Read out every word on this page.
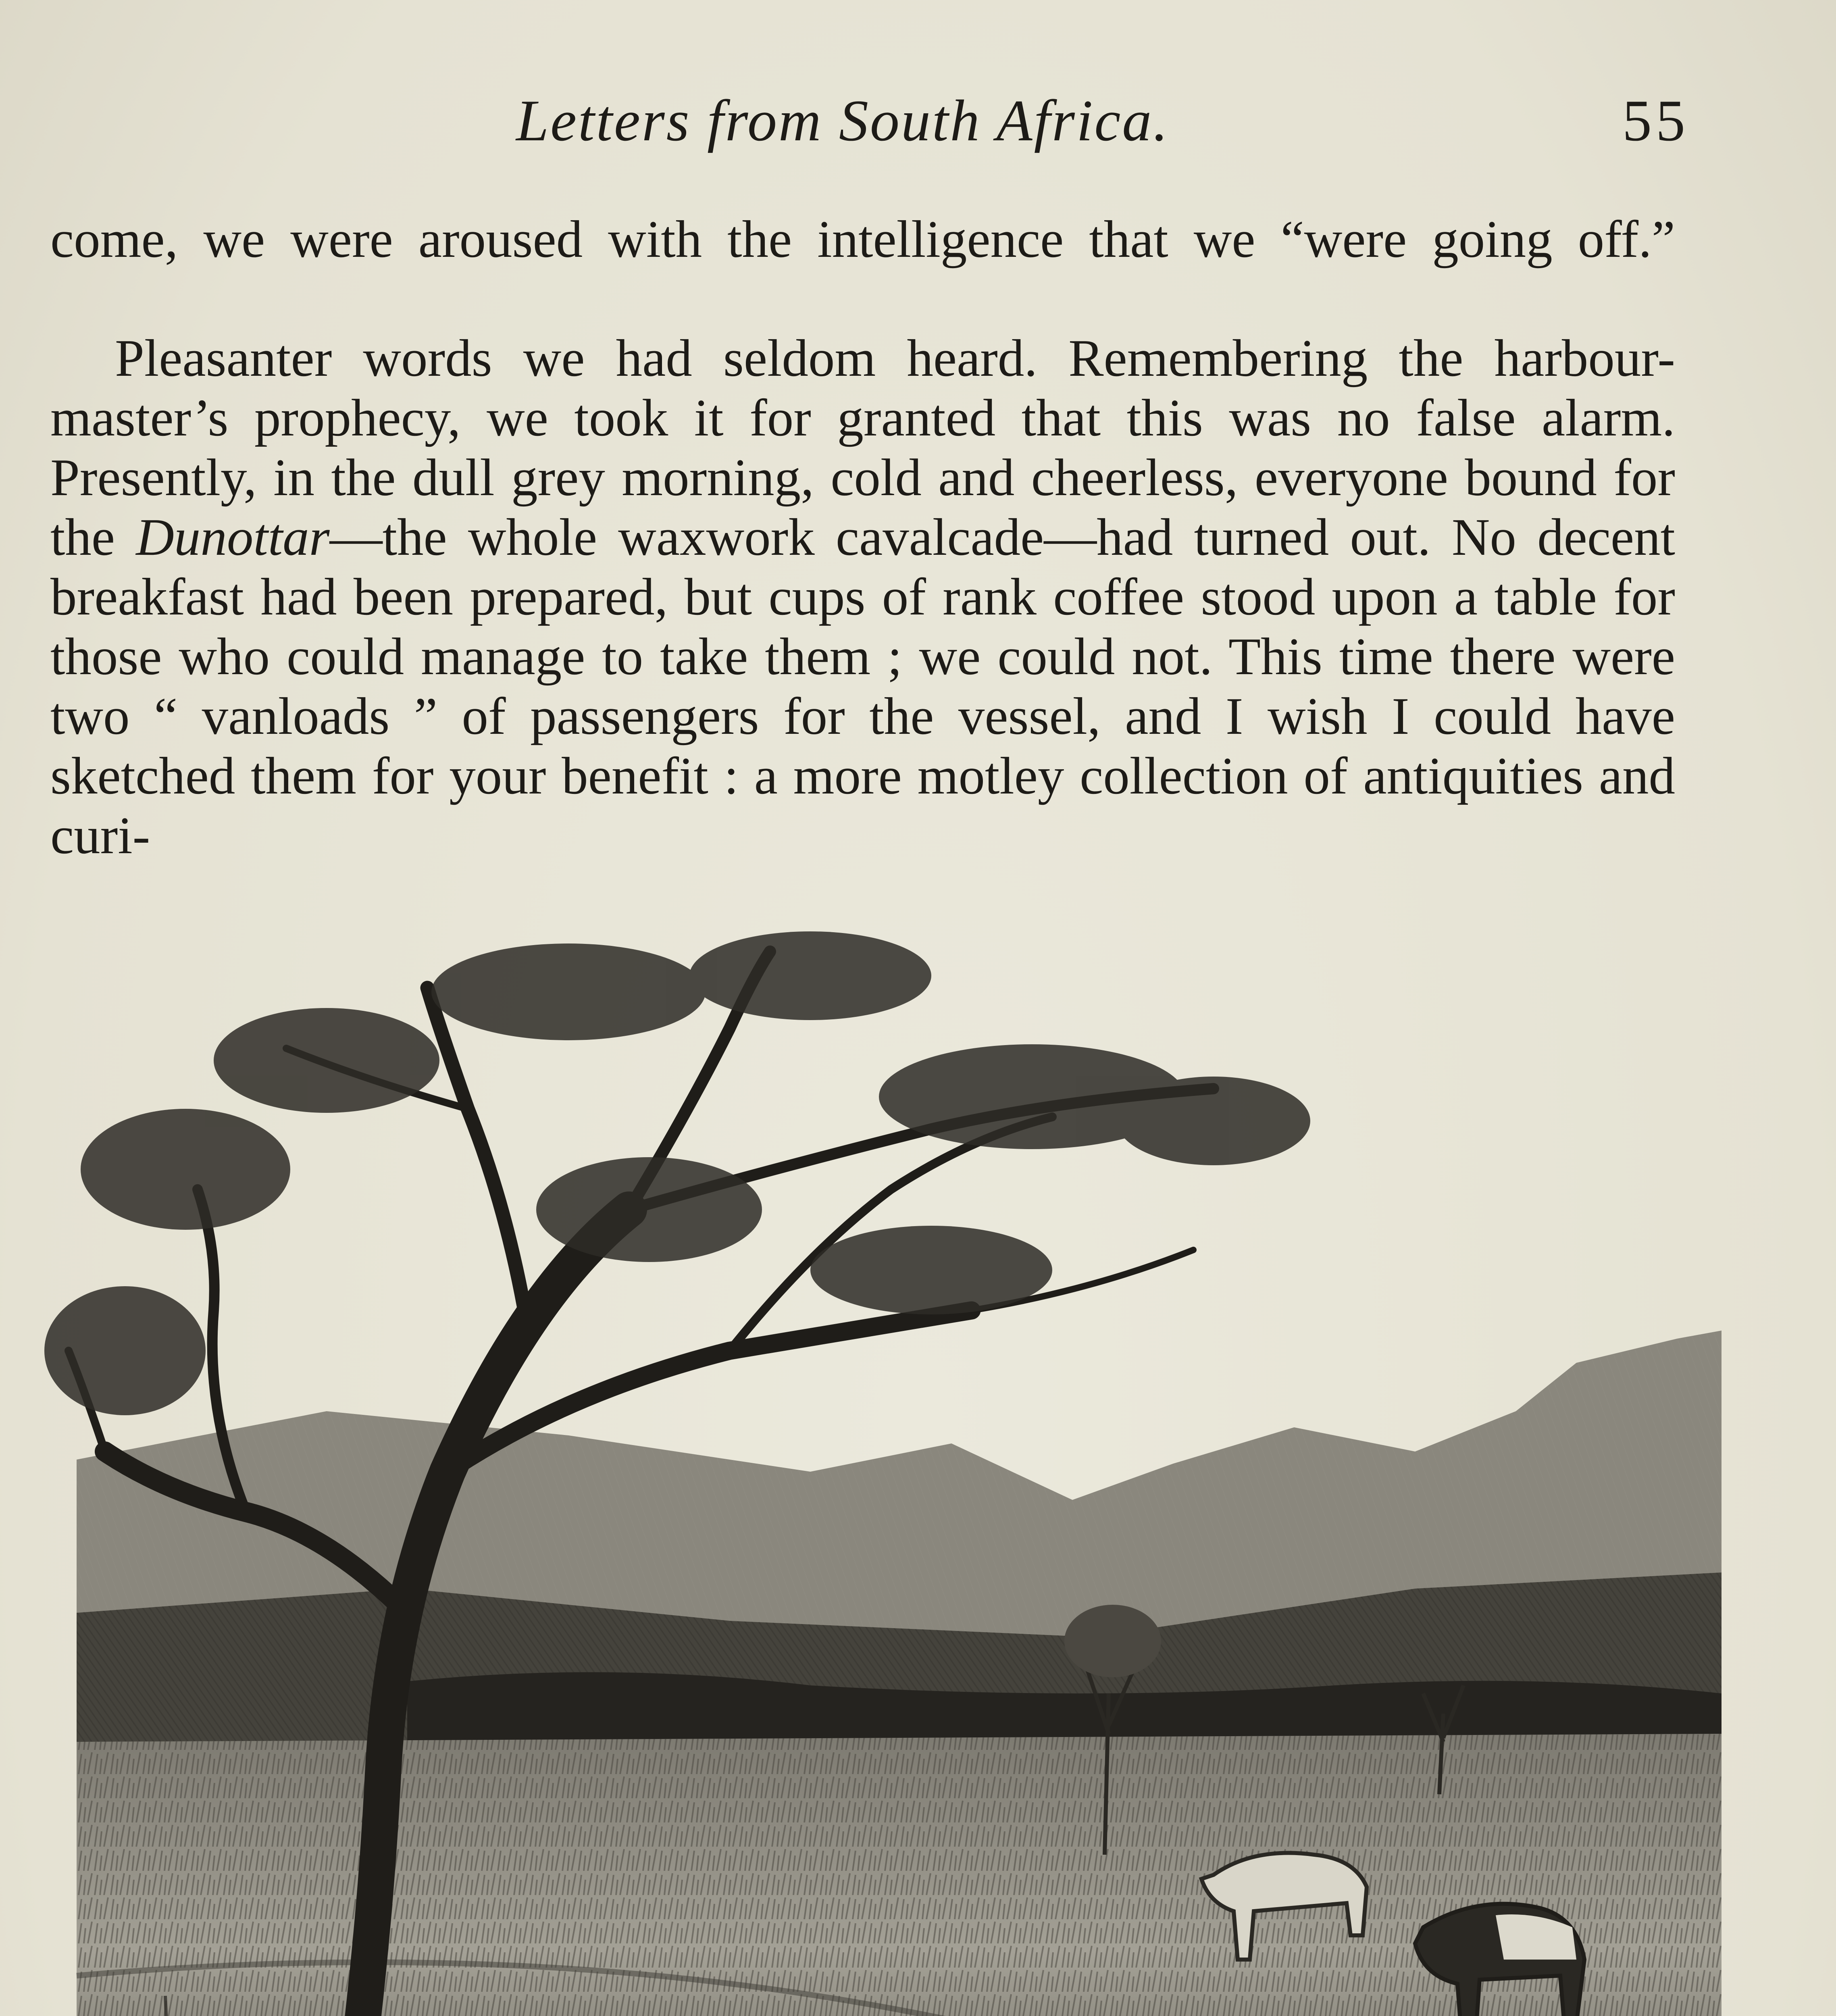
Letters from South Africa.	55

come, we were aroused with the intelligence that we “were going off.”

Pleasanter words we had seldom heard. Remembering the harbour-master’s prophecy, we took it for granted that this was no false alarm. Presently, in the dull grey morning, cold and cheerless, everyone bound for the Dunottar—the whole waxwork cavalcade—had turned out. No decent breakfast had been prepared, but cups of rank coffee stood upon a table for those who could manage to take them ; we could not. This time there were two “ vanloads ” of passengers for the vessel, and I wish I could have sketched them for your benefit : a more motley collection of antiquities and curi-
